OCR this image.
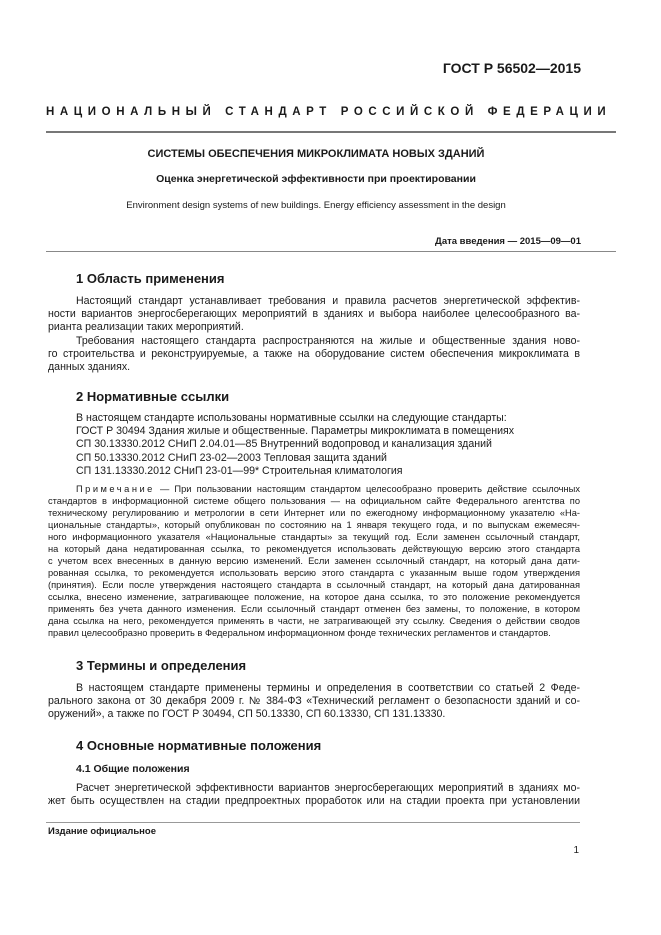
ГОСТ Р 56502—2015
НАЦИОНАЛЬНЫЙ СТАНДАРТ РОССИЙСКОЙ ФЕДЕРАЦИИ
СИСТЕМЫ ОБЕСПЕЧЕНИЯ МИКРОКЛИМАТА НОВЫХ ЗДАНИЙ
Оценка энергетической эффективности при проектировании
Environment design systems of new buildings. Energy efficiency assessment in the design
Дата введения — 2015—09—01
1 Область применения
Настоящий стандарт устанавливает требования и правила расчетов энергетической эффектив-
ности вариантов энергосберегающих мероприятий в зданиях и выбора наиболее целесообразного ва-
рианта реализации таких мероприятий.
Требования настоящего стандарта распространяются на жилые и общественные здания ново-
го строительства и реконструируемые, а также на оборудование систем обеспечения микроклимата в
данных зданиях.
2 Нормативные ссылки
В настоящем стандарте использованы нормативные ссылки на следующие стандарты:
ГОСТ Р 30494 Здания жилые и общественные. Параметры микроклимата в помещениях
СП 30.13330.2012 СНиП 2.04.01—85 Внутренний водопровод и канализация зданий
СП 50.13330.2012 СНиП 23-02—2003 Тепловая защита зданий
СП 131.13330.2012 СНиП 23-01—99* Строительная климатология
Примечание — При пользовании настоящим стандартом целесообразно проверить действие ссылочных
стандартов в информационной системе общего пользования — на официальном сайте Федерального агентства по
техническому регулированию и метрологии в сети Интернет или по ежегодному информационному указателю «На-
циональные стандарты», который опубликован по состоянию на 1 января текущего года, и по выпускам ежемесяч-
ного информационного указателя «Национальные стандарты» за текущий год. Если заменен ссылочный стандарт,
на который дана недатированная ссылка, то рекомендуется использовать действующую версию этого стандарта
с учетом всех внесенных в данную версию изменений. Если заменен ссылочный стандарт, на который дана дати-
рованная ссылка, то рекомендуется использовать версию этого стандарта с указанным выше годом утверждения
(принятия). Если после утверждения настоящего стандарта в ссылочный стандарт, на который дана датированная
ссылка, внесено изменение, затрагивающее положение, на которое дана ссылка, то это положение рекомендуется
применять без учета данного изменения. Если ссылочный стандарт отменен без замены, то положение, в котором
дана ссылка на него, рекомендуется применять в части, не затрагивающей эту ссылку. Сведения о действии сводов
правил целесообразно проверить в Федеральном информационном фонде технических регламентов и стандартов.
3 Термины и определения
В настоящем стандарте применены термины и определения в соответствии со статьей 2 Феде-
рального закона от 30 декабря 2009 г. № 384-ФЗ «Технический регламент о безопасности зданий и со-
оружений», а также по ГОСТ Р 30494, СП 50.13330, СП 60.13330, СП 131.13330.
4 Основные нормативные положения
4.1 Общие положения
Расчет энергетической эффективности вариантов энергосберегающих мероприятий в зданиях мо-
жет быть осуществлен на стадии предпроектных проработок или на стадии проекта при установлении
Издание официальное
1
